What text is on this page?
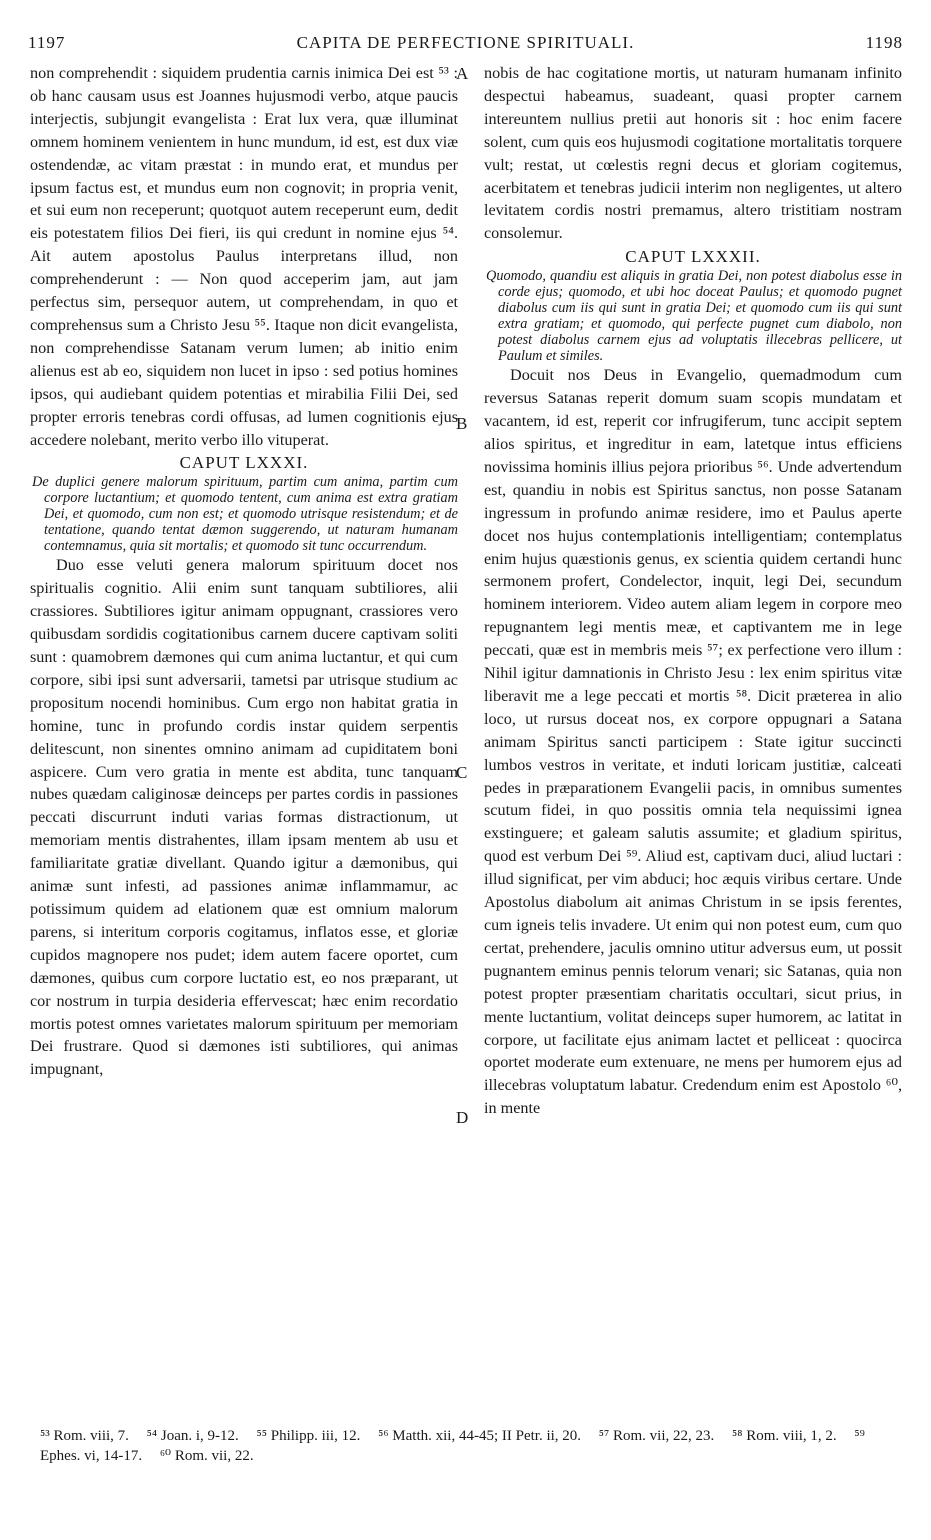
1197	CAPITA DE PERFECTIONE SPIRITUALI.	1198

non comprehendit : siquidem prudentia carnis inimica Dei est ⁵³ : ob hanc causam usus est Joannes hujusmodi verbo, atque paucis interjectis, subjungit evangelista : Erat lux vera, quæ illuminat omnem hominem venientem in hunc mundum, id est, est dux viæ ostendendæ, ac vitam præstat : in mundo erat, et mundus per ipsum factus est, et mundus eum non cognovit; in propria venit, et sui eum non receperunt; quotquot autem receperunt eum, dedit eis potestatem filios Dei fieri, iis qui credunt in nomine ejus ⁵⁴. Ait autem apostolus Paulus interpretans illud, non comprehenderunt : — Non quod acceperim jam, aut jam perfectus sim, persequor autem, ut comprehendam, in quo et comprehensus sum a Christo Jesu ⁵⁵. Itaque non dicit evangelista, non comprehendisse Satanam verum lumen; ab initio enim alienus est ab eo, siquidem non lucet in ipso : sed potius homines ipsos, qui audiebant quidem potentias et mirabilia Filii Dei, sed propter erroris tenebras cordi offusas, ad lumen cognitionis ejus accedere nolebant, merito verbo illo vituperat.

CAPUT LXXXI.

De duplici genere malorum spirituum, partim cum anima, partim cum corpore luctantium; et quomodo tentent, cum anima est extra gratiam Dei, et quomodo, cum non est; et quomodo utrisque resistendum; et de tentatione, quando tentat dæmon suggerendo, ut naturam humanam contemnamus, quia sit mortalis; et quomodo sit tunc occurrendum.

Duo esse veluti genera malorum spirituum docet nos spiritualis cognitio. Alii enim sunt tanquam subtiliores, alii crassiores. Subtiliores igitur animam oppugnant, crassiores vero quibusdam sordidis cogitationibus carnem ducere captivam soliti sunt : quamobrem dæmones qui cum anima luctantur, et qui cum corpore, sibi ipsi sunt adversarii, tametsi par utrisque studium ac propositum nocendi hominibus. Cum ergo non habitat gratia in homine, tunc in profundo cordis instar quidem serpentis delitescunt, non sinentes omnino animam ad cupiditatem boni aspicere. Cum vero gratia in mente est abdita, tunc tanquam nubes quædam caliginosæ deinceps per partes cordis in passiones peccati discurrunt induti varias formas distractionum, ut memoriam mentis distrahentes, illam ipsam mentem ab usu et familiaritate gratiæ divellant. Quando igitur a dæmonibus, qui animæ sunt infesti, ad passiones animæ inflammamur, ac potissimum quidem ad elationem quæ est omnium malorum parens, si interitum corporis cogitamus, inflatos esse, et gloriæ cupidos magnopere nos pudet; idem autem facere oportet, cum dæmones, quibus cum corpore luctatio est, eo nos præparant, ut cor nostrum in turpia desideria effervescat; hæc enim recordatio mortis potest omnes varietates malorum spirituum per memoriam Dei frustrare. Quod si dæmones isti subtiliores, qui animas impugnant,

A
B
C
D

nobis de hac cogitatione mortis, ut naturam humanam infinito despectui habeamus, suadeant, quasi propter carnem intereuntem nullius pretii aut honoris sit : hoc enim facere solent, cum quis eos hujusmodi cogitatione mortalitatis torquere vult; restat, ut cœlestis regni decus et gloriam cogitemus, acerbitatem et tenebras judicii interim non negligentes, ut altero levitatem cordis nostri premamus, altero tristitiam nostram consolemur.

CAPUT LXXXII.

Quomodo, quandiu est aliquis in gratia Dei, non potest diabolus esse in corde ejus; quomodo, et ubi hoc doceat Paulus; et quomodo pugnet diabolus cum iis qui sunt in gratia Dei; et quomodo cum iis qui sunt extra gratiam; et quomodo, qui perfecte pugnet cum diabolo, non potest diabolus carnem ejus ad voluptatis illecebras pellicere, ut Paulum et similes.

Docuit nos Deus in Evangelio, quemadmodum cum reversus Satanas reperit domum suam scopis mundatam et vacantem, id est, reperit cor infrugiferum, tunc accipit septem alios spiritus, et ingreditur in eam, latetque intus efficiens novissima hominis illius pejora prioribus ⁵⁶. Unde advertendum est, quandiu in nobis est Spiritus sanctus, non posse Satanam ingressum in profundo animæ residere, imo et Paulus aperte docet nos hujus contemplationis intelligentiam; contemplatus enim hujus quæstionis genus, ex scientia quidem certandi hunc sermonem profert, Condelector, inquit, legi Dei, secundum hominem interiorem. Video autem aliam legem in corpore meo repugnantem legi mentis meæ, et captivantem me in lege peccati, quæ est in membris meis ⁵⁷; ex perfectione vero illum : Nihil igitur damnationis in Christo Jesu : lex enim spiritus vitæ liberavit me a lege peccati et mortis ⁵⁸. Dicit præterea in alio loco, ut rursus doceat nos, ex corpore oppugnari a Satana animam Spiritus sancti participem : State igitur succincti lumbos vestros in veritate, et induti loricam justitiæ, calceati pedes in præparationem Evangelii pacis, in omnibus sumentes scutum fidei, in quo possitis omnia tela nequissimi ignea exstinguere; et galeam salutis assumite; et gladium spiritus, quod est verbum Dei ⁵⁹. Aliud est, captivam duci, aliud luctari : illud significat, per vim abduci; hoc æquis viribus certare. Unde Apostolus diabolum ait animas Christum in se ipsis ferentes, cum igneis telis invadere. Ut enim qui non potest eum, cum quo certat, prehendere, jaculis omnino utitur adversus eum, ut possit pugnantem eminus pennis telorum venari; sic Satanas, quia non potest propter præsentiam charitatis occultari, sicut prius, in mente luctantium, volitat deinceps super humorem, ac latitat in corpore, ut facilitate ejus animam lactet et pelliceat : quocirca oportet moderate eum extenuare, ne mens per humorem ejus ad illecebras voluptatum labatur. Credendum enim est Apostolo ⁶⁰, in mente

⁵³ Rom. viii, 7. ⁵⁴ Joan. i, 9-12. ⁵⁵ Philipp. iii, 12. ⁵⁶ Matth. xii, 44-45; II Petr. ii, 20. ⁵⁷ Rom. vii, 22, 23. ⁵⁸ Rom. viii, 1, 2. ⁵⁹ Ephes. vi, 14-17. ⁶⁰ Rom. vii, 22.
